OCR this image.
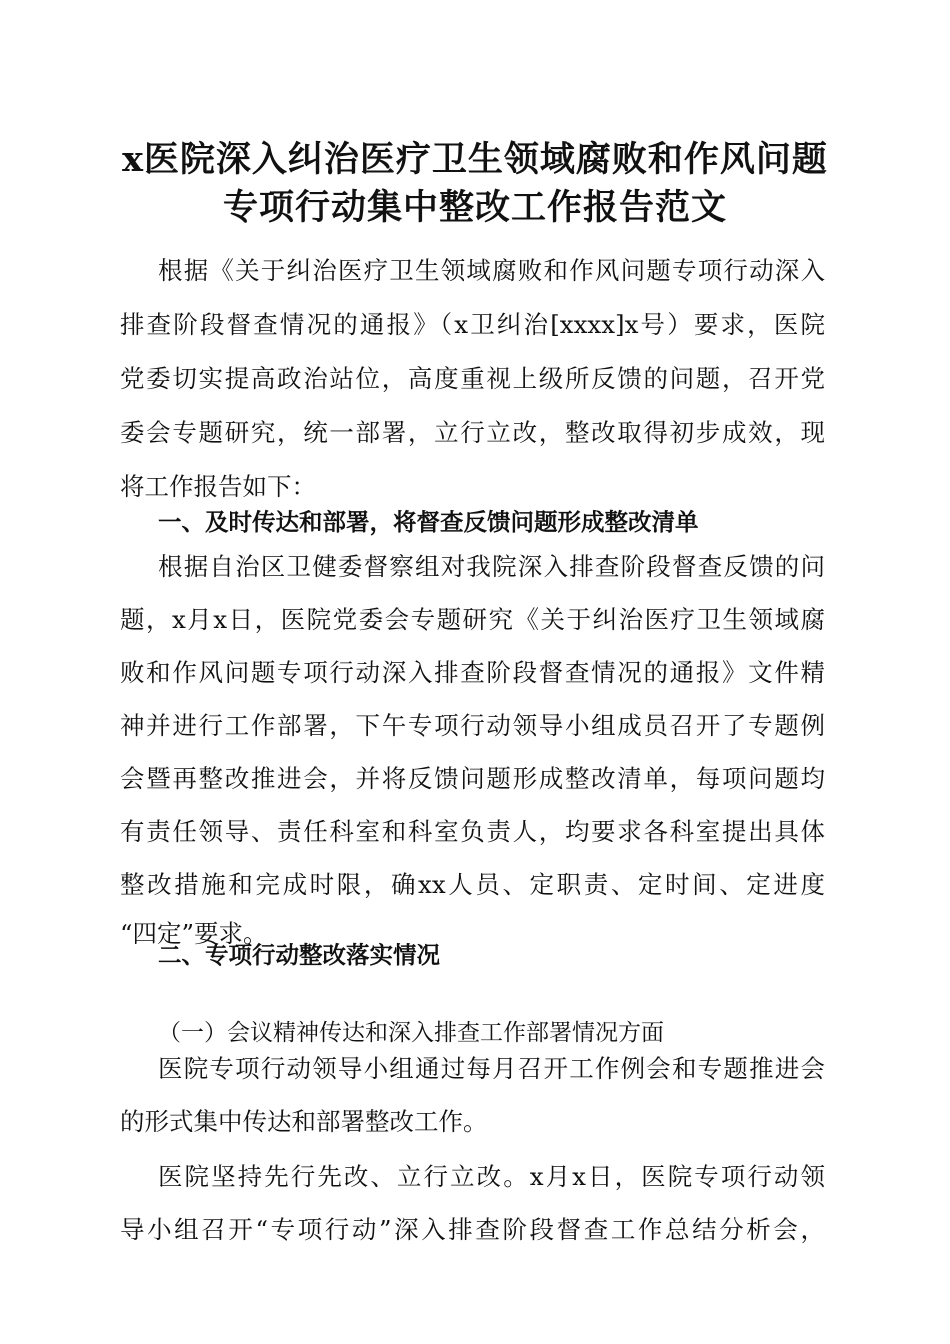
x医院深入纠治医疗卫生领域腐败和作风问题
专项行动集中整改工作报告范文
根据《关于纠治医疗卫生领域腐败和作风问题专项行动深入
排查阶段督查情况的通报》（x卫纠治[xxxx]x号）要求，医院
党委切实提高政治站位，高度重视上级所反馈的问题，召开党
委会专题研究，统一部署，立行立改，整改取得初步成效，现
将工作报告如下：
一、及时传达和部署，将督查反馈问题形成整改清单
根据自治区卫健委督察组对我院深入排查阶段督查反馈的问
题，x月x日，医院党委会专题研究《关于纠治医疗卫生领域腐
败和作风问题专项行动深入排查阶段督查情况的通报》文件精
神并进行工作部署，下午专项行动领导小组成员召开了专题例
会暨再整改推进会，并将反馈问题形成整改清单，每项问题均
有责任领导、责任科室和科室负责人，均要求各科室提出具体
整改措施和完成时限，确xx人员、定职责、定时间、定进度
“四定”要求。
二、专项行动整改落实情况
（一）会议精神传达和深入排查工作部署情况方面
医院专项行动领导小组通过每月召开工作例会和专题推进会
的形式集中传达和部署整改工作。
医院坚持先行先改、立行立改。x月x日，医院专项行动领
导小组召开“专项行动”深入排查阶段督查工作总结分析会，
